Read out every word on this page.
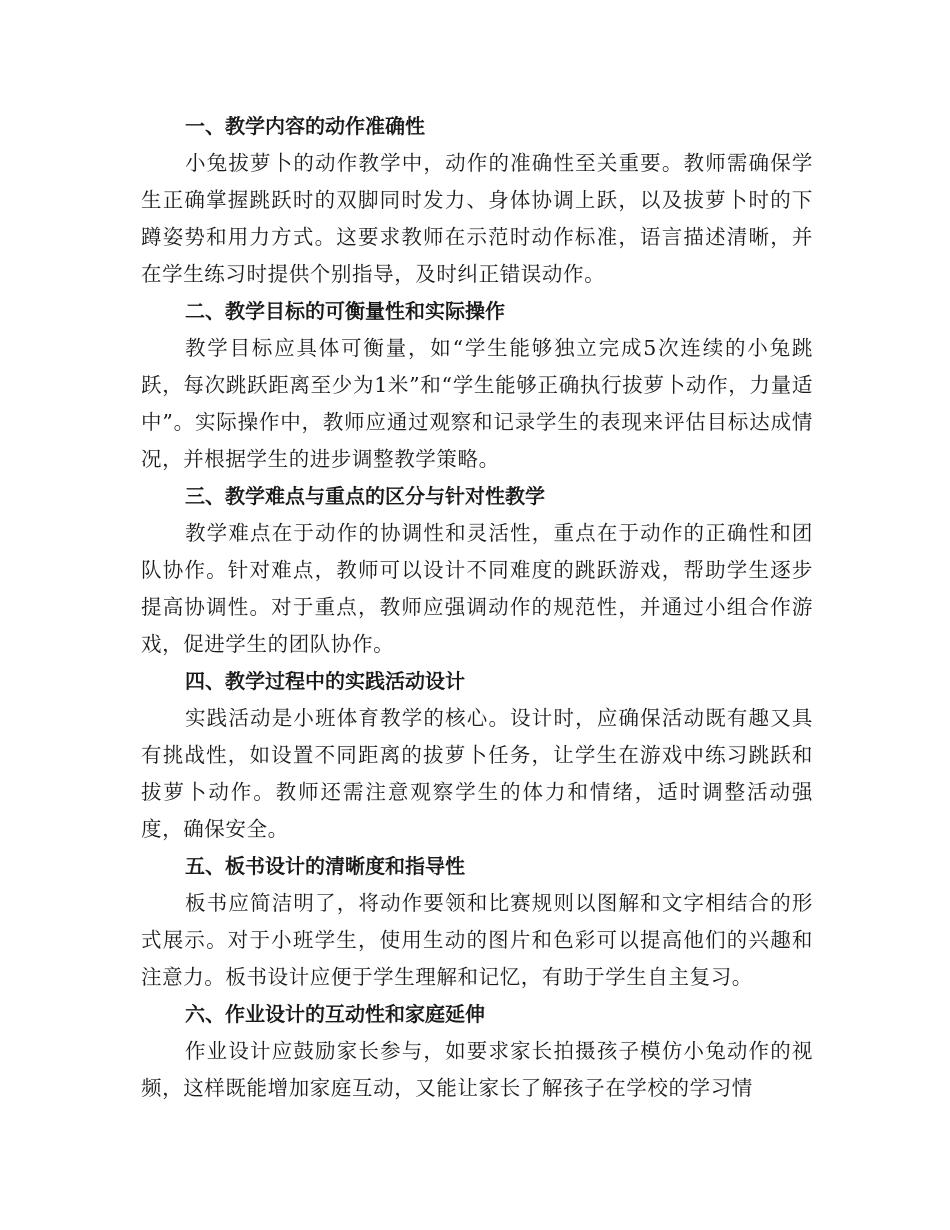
一、教学内容的动作准确性

小兔拔萝卜的动作教学中，动作的准确性至关重要。教师需确保学生正确掌握跳跃时的双脚同时发力、身体协调上跃，以及拔萝卜时的下蹲姿势和用力方式。这要求教师在示范时动作标准，语言描述清晰，并在学生练习时提供个别指导，及时纠正错误动作。

二、教学目标的可衡量性和实际操作

教学目标应具体可衡量，如“学生能够独立完成5次连续的小兔跳跃，每次跳跃距离至少为1米”和“学生能够正确执行拔萝卜动作，力量适中”。实际操作中，教师应通过观察和记录学生的表现来评估目标达成情况，并根据学生的进步调整教学策略。

三、教学难点与重点的区分与针对性教学

教学难点在于动作的协调性和灵活性，重点在于动作的正确性和团队协作。针对难点，教师可以设计不同难度的跳跃游戏，帮助学生逐步提高协调性。对于重点，教师应强调动作的规范性，并通过小组合作游戏，促进学生的团队协作。

四、教学过程中的实践活动设计

实践活动是小班体育教学的核心。设计时，应确保活动既有趣又具有挑战性，如设置不同距离的拔萝卜任务，让学生在游戏中练习跳跃和拔萝卜动作。教师还需注意观察学生的体力和情绪，适时调整活动强度，确保安全。

五、板书设计的清晰度和指导性

板书应简洁明了，将动作要领和比赛规则以图解和文字相结合的形式展示。对于小班学生，使用生动的图片和色彩可以提高他们的兴趣和注意力。板书设计应便于学生理解和记忆，有助于学生自主复习。

六、作业设计的互动性和家庭延伸

作业设计应鼓励家长参与，如要求家长拍摄孩子模仿小兔动作的视频，这样既能增加家庭互动，又能让家长了解孩子在学校的学习情
